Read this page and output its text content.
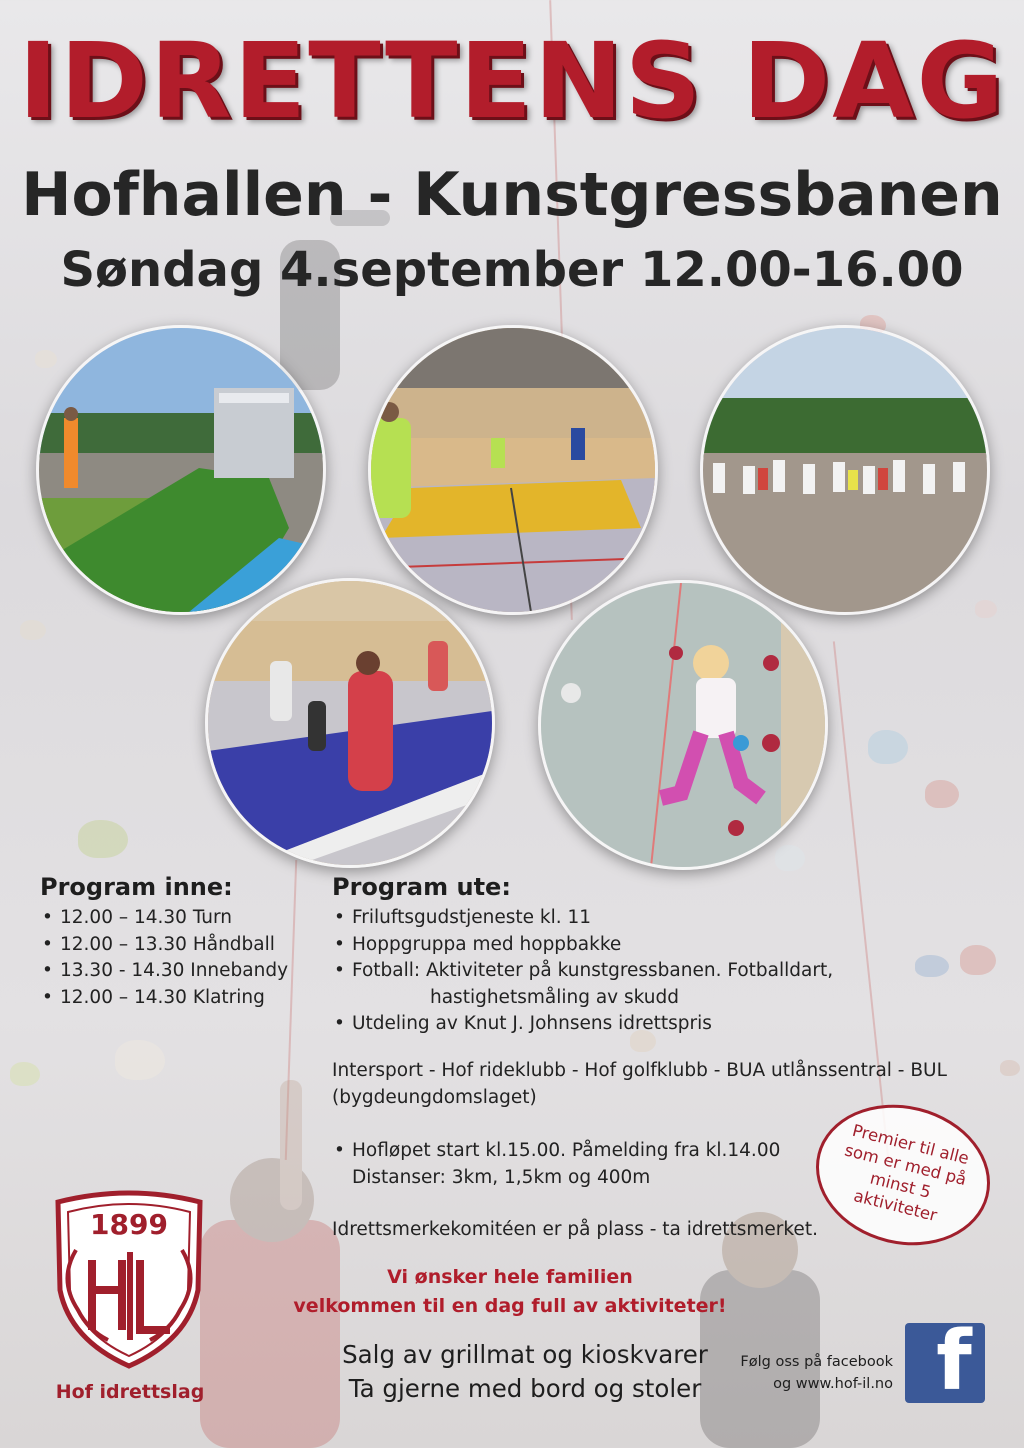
IDRETTENS DAG
Hofhallen - Kunstgressbanen
Søndag 4.september 12.00-16.00
Program inne:
• 12.00 – 14.30 Turn
• 12.00 – 13.30 Håndball
• 13.30 - 14.30 Innebandy
• 12.00 – 14.30 Klatring
Program ute:
• Friluftsgudstjeneste kl. 11
• Hoppgruppa med hoppbakke
• Fotball: Aktiviteter på kunstgressbanen. Fotballdart,
hastighetsmåling av skudd
• Utdeling av Knut J. Johnsens idrettspris
Intersport - Hof rideklubb - Hof golfklubb - BUA utlånssentral - BUL (bygdeungdomslaget)
• Hofløpet start kl.15.00. Påmelding fra kl.14.00
Distanser: 3km, 1,5km og 400m
Idrettsmerkekomitéen er på plass - ta idrettsmerket.
Premier til alle som er med på minst 5 aktiviteter
Vi ønsker hele familien
velkommen til en dag full av aktiviteter!
Salg av grillmat og kioskvarer
Ta gjerne med bord og stoler
Følg oss på facebook
og www.hof-il.no f
1899
Hof idrettslag
